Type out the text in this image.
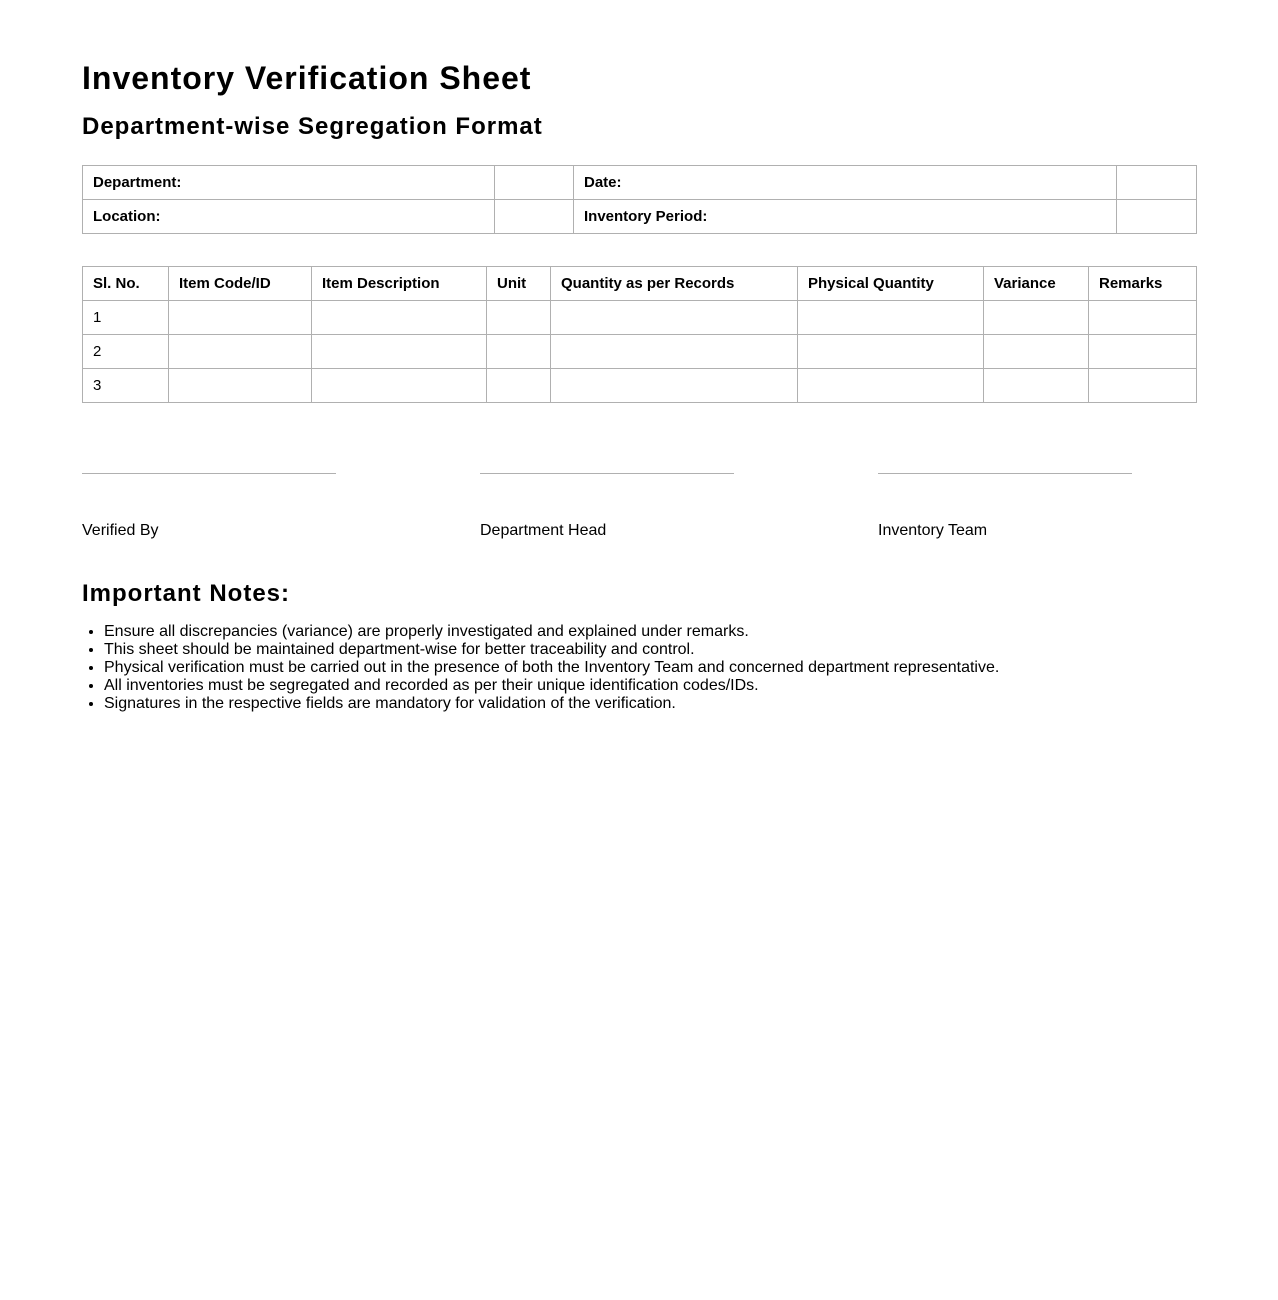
Inventory Verification Sheet
Department-wise Segregation Format
Department:		Date:	
Location:		Inventory Period:	
Sl. No.	Item Code/ID	Item Description	Unit	Quantity as per Records	Physical Quantity	Variance	Remarks
1							
2							
3							
Verified By	Department Head	Inventory Team
Important Notes:
• Ensure all discrepancies (variance) are properly investigated and explained under remarks.
• This sheet should be maintained department-wise for better traceability and control.
• Physical verification must be carried out in the presence of both the Inventory Team and concerned department representative.
• All inventories must be segregated and recorded as per their unique identification codes/IDs.
• Signatures in the respective fields are mandatory for validation of the verification.
